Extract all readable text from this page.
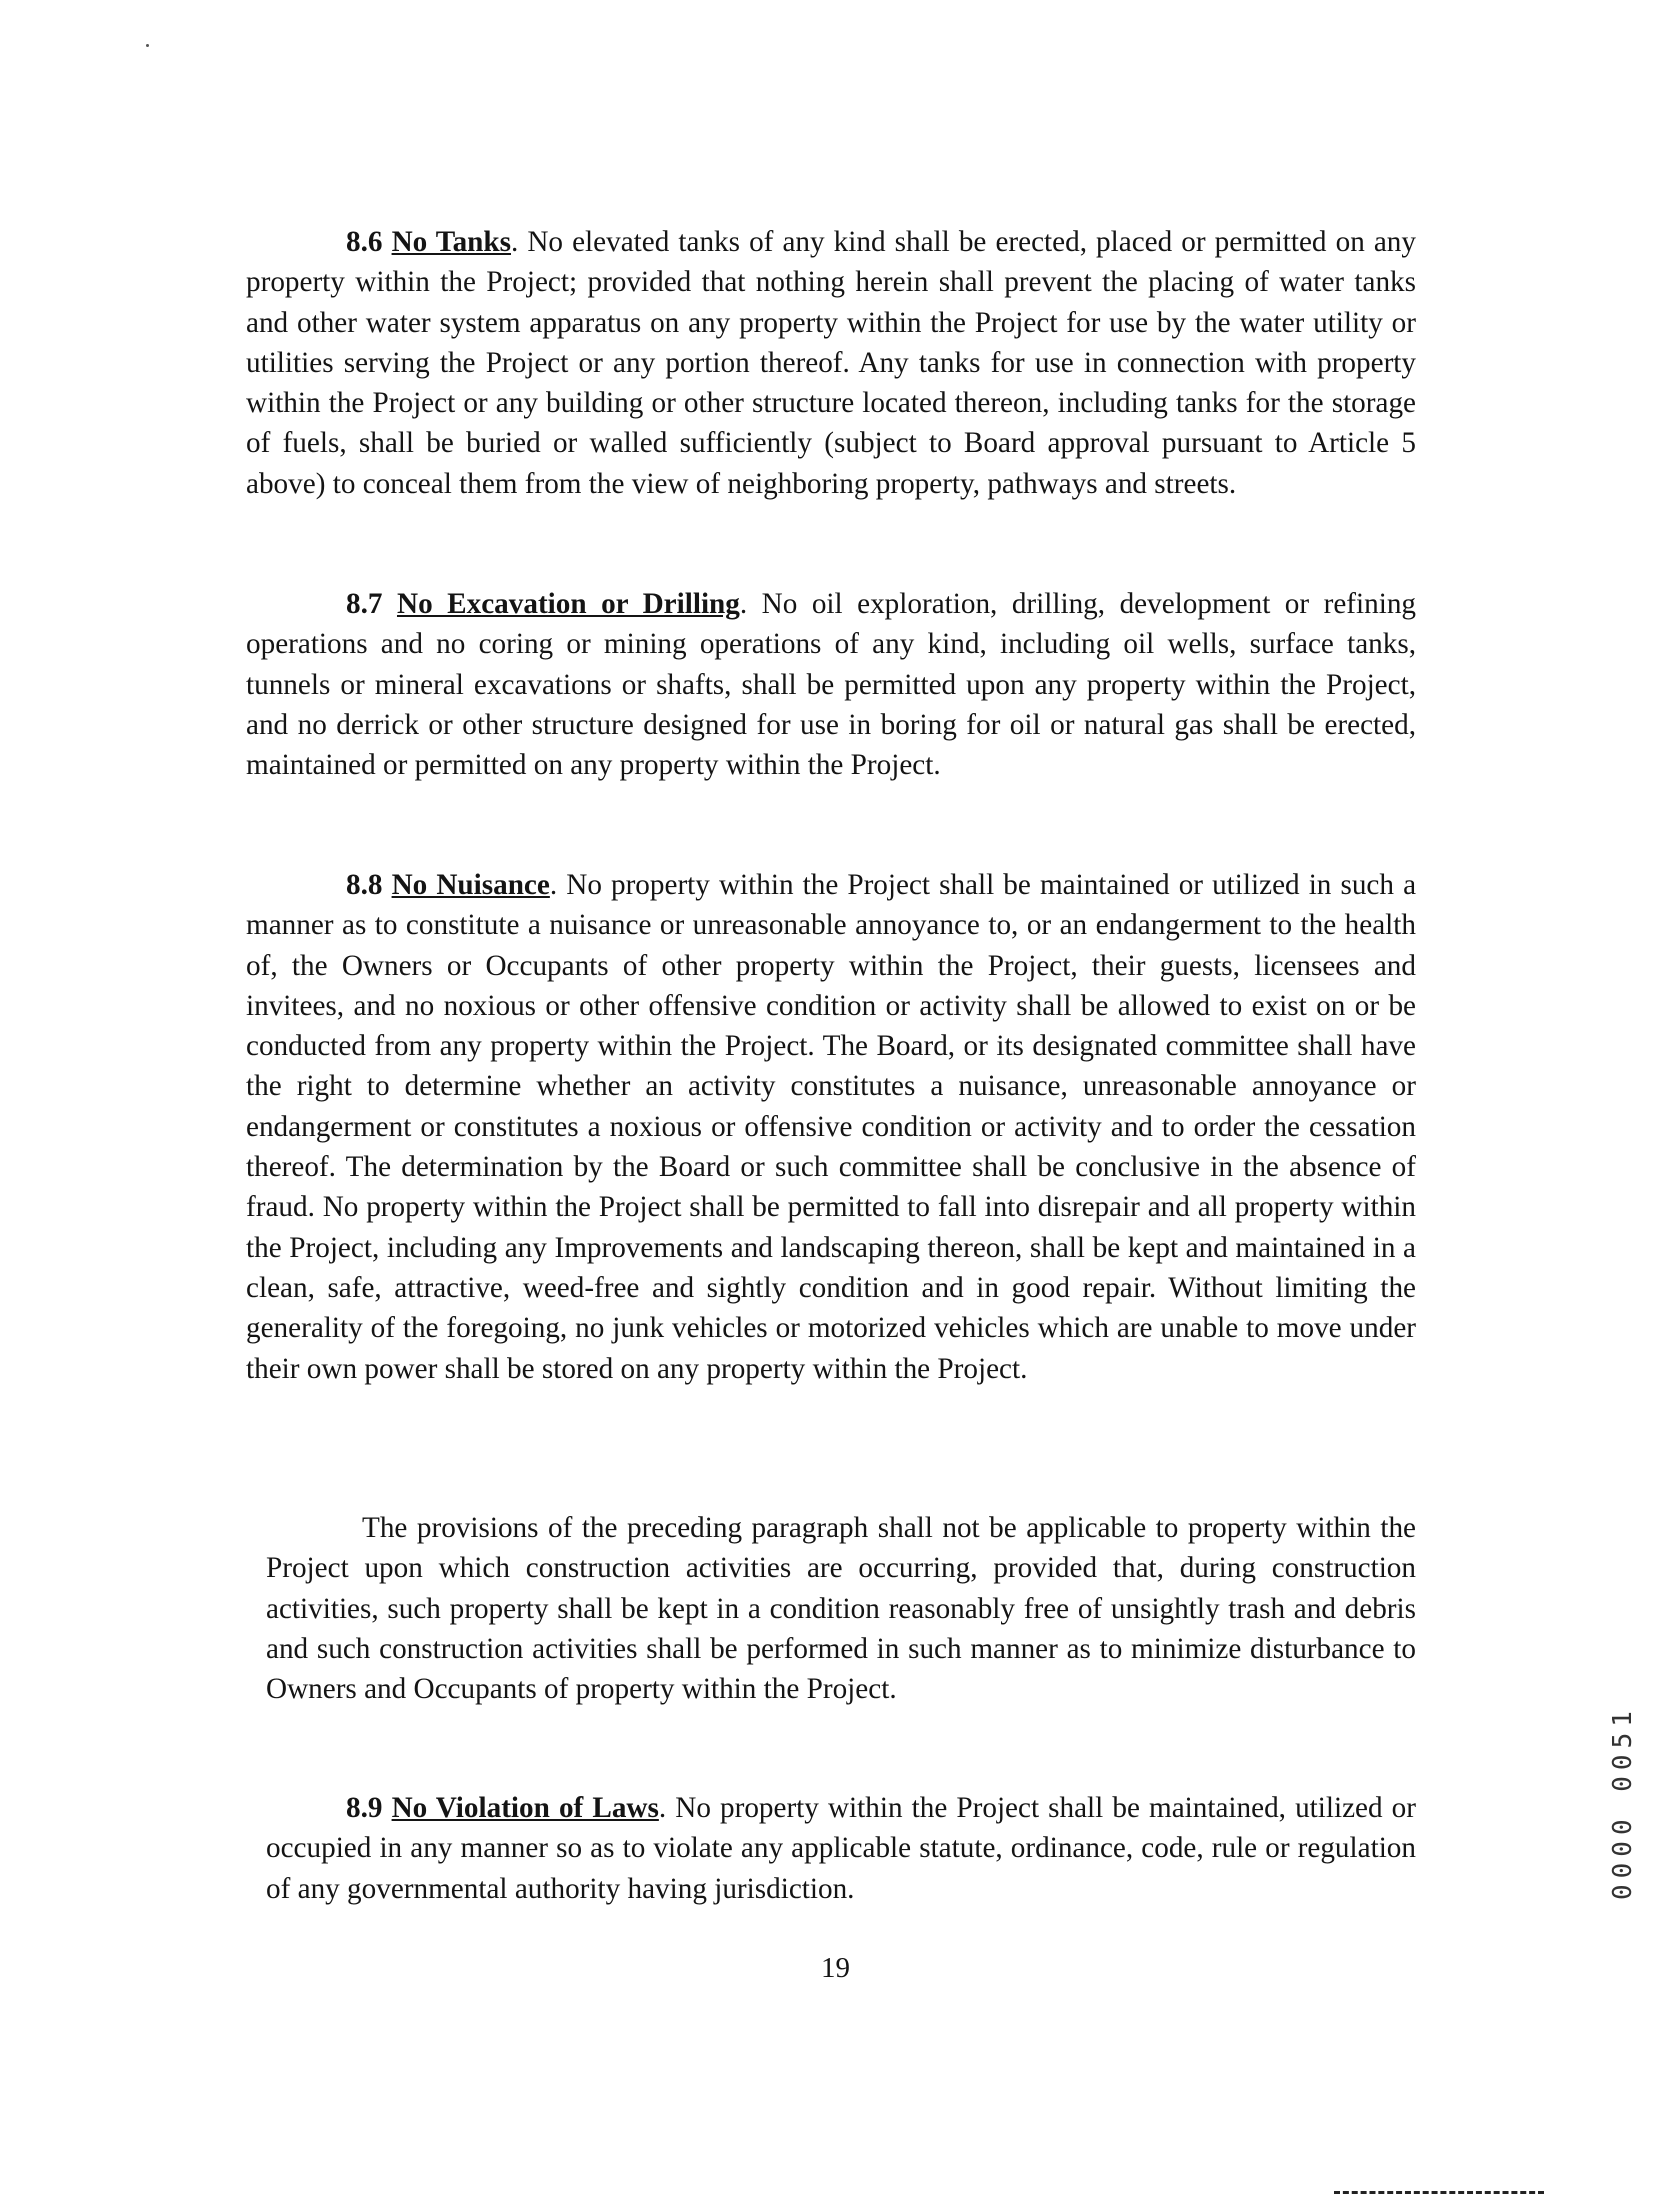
8.6 No Tanks. No elevated tanks of any kind shall be erected, placed or permitted on any property within the Project; provided that nothing herein shall prevent the placing of water tanks and other water system apparatus on any property within the Project for use by the water utility or utilities serving the Project or any portion thereof. Any tanks for use in connection with property within the Project or any building or other structure located thereon, including tanks for the storage of fuels, shall be buried or walled sufficiently (subject to Board approval pursuant to Article 5 above) to conceal them from the view of neighboring property, pathways and streets.

8.7 No Excavation or Drilling. No oil exploration, drilling, development or refining operations and no coring or mining operations of any kind, including oil wells, surface tanks, tunnels or mineral excavations or shafts, shall be permitted upon any property within the Project, and no derrick or other structure designed for use in boring for oil or natural gas shall be erected, maintained or permitted on any property within the Project.

8.8 No Nuisance. No property within the Project shall be maintained or utilized in such a manner as to constitute a nuisance or unreasonable annoyance to, or an endangerment to the health of, the Owners or Occupants of other property within the Project, their guests, licensees and invitees, and no noxious or other offensive condition or activity shall be allowed to exist on or be conducted from any property within the Project. The Board, or its designated committee shall have the right to determine whether an activity constitutes a nuisance, unreasonable annoyance or endangerment or constitutes a noxious or offensive condition or activity and to order the cessation thereof. The determination by the Board or such committee shall be conclusive in the absence of fraud. No property within the Project shall be permitted to fall into disrepair and all property within the Project, including any Improvements and landscaping thereon, shall be kept and maintained in a clean, safe, attractive, weed-free and sightly condition and in good repair. Without limiting the generality of the foregoing, no junk vehicles or motorized vehicles which are unable to move under their own power shall be stored on any property within the Project.

The provisions of the preceding paragraph shall not be applicable to property within the Project upon which construction activities are occurring, provided that, during construction activities, such property shall be kept in a condition reasonably free of unsightly trash and debris and such construction activities shall be performed in such manner as to minimize disturbance to Owners and Occupants of property within the Project.

8.9 No Violation of Laws. No property within the Project shall be maintained, utilized or occupied in any manner so as to violate any applicable statute, ordinance, code, rule or regulation of any governmental authority having jurisdiction.

19
0000 0051
